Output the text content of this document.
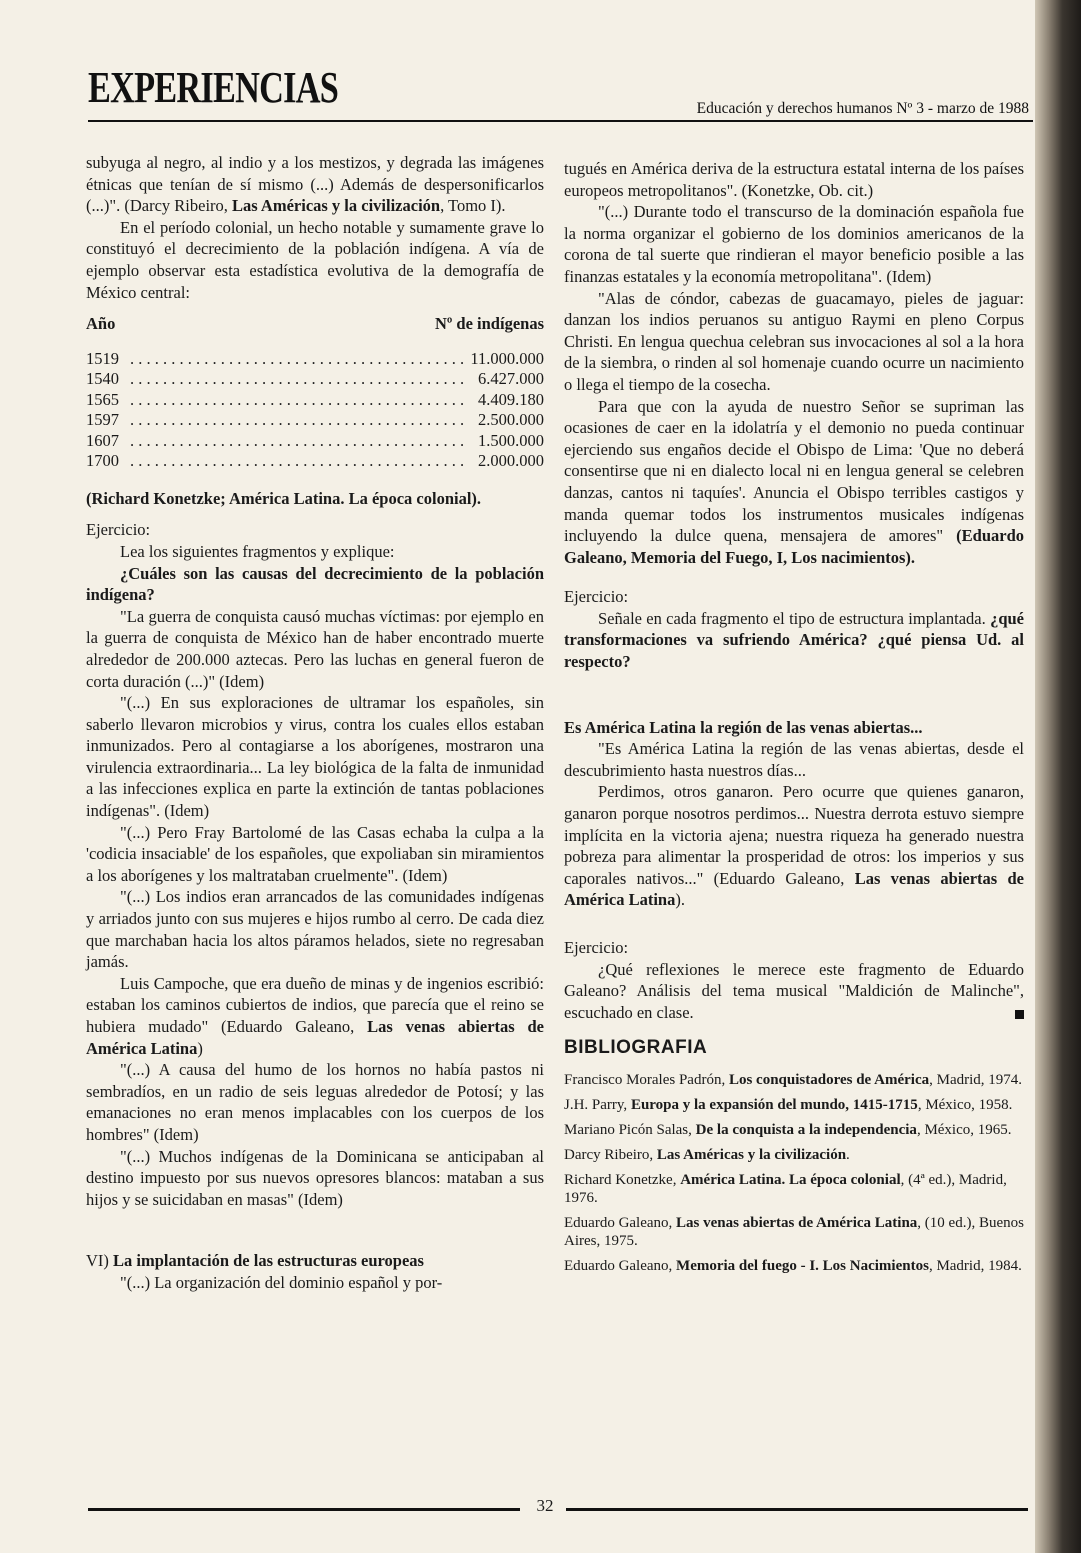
EXPERIENCIAS	Educación y derechos humanos Nº 3 - marzo de 1988

subyuga al negro, al indio y a los mestizos, y degrada las imágenes étnicas que tenían de sí mismo (...) Además de despersonificarlos (...)". (Darcy Ribeiro, Las Américas y la civilización, Tomo I).

En el período colonial, un hecho notable y sumamente grave lo constituyó el decrecimiento de la población indígena. A vía de ejemplo observar esta estadística evolutiva de la demografía de México central:

Año	Nº de indígenas
1519 . . .	11.000.000
1540 . . .	6.427.000
1565 . . .	4.409.180
1597 . . .	2.500.000
1607 . . .	1.500.000
1700 . . .	2.000.000

(Richard Konetzke; América Latina. La época colonial).

Ejercicio:

Lea los siguientes fragmentos y explique:

¿Cuáles son las causas del decrecimiento de la población indígena?

"La guerra de conquista causó muchas víctimas: por ejemplo en la guerra de conquista de México han de haber encontrado muerte alrededor de 200.000 aztecas. Pero las luchas en general fueron de corta duración (...)" (Idem)

"(...) En sus exploraciones de ultramar los españoles, sin saberlo llevaron microbios y virus, contra los cuales ellos estaban inmunizados. Pero al contagiarse a los aborígenes, mostraron una virulencia extraordinaria... La ley biológica de la falta de inmunidad a las infecciones explica en parte la extinción de tantas poblaciones indígenas". (Idem)

"(...) Pero Fray Bartolomé de las Casas echaba la culpa a la 'codicia insaciable' de los españoles, que expoliaban sin miramientos a los aborígenes y los maltrataban cruelmente". (Idem)

"(...) Los indios eran arrancados de las comunidades indígenas y arriados junto con sus mujeres e hijos rumbo al cerro. De cada diez que marchaban hacia los altos páramos helados, siete no regresaban jamás.

Luis Campoche, que era dueño de minas y de ingenios escribió: estaban los caminos cubiertos de indios, que parecía que el reino se hubiera mudado" (Eduardo Galeano, Las venas abiertas de América Latina)

"(...) A causa del humo de los hornos no había pastos ni sembradíos, en un radio de seis leguas alrededor de Potosí; y las emanaciones no eran menos implacables con los cuerpos de los hombres" (Idem)

"(...) Muchos indígenas de la Dominicana se anticipaban al destino impuesto por sus nuevos opresores blancos: mataban a sus hijos y se suicidaban en masas" (Idem)

VI) La implantación de las estructuras europeas

"(...) La organización del dominio español y por-

tugués en América deriva de la estructura estatal interna de los países europeos metropolitanos". (Konetzke, Ob. cit.)

"(...) Durante todo el transcurso de la dominación española fue la norma organizar el gobierno de los dominios americanos de la corona de tal suerte que rindieran el mayor beneficio posible a las finanzas estatales y la economía metropolitana". (Idem)

"Alas de cóndor, cabezas de guacamayo, pieles de jaguar: danzan los indios peruanos su antiguo Raymi en pleno Corpus Christi. En lengua quechua celebran sus invocaciones al sol a la hora de la siembra, o rinden al sol homenaje cuando ocurre un nacimiento o llega el tiempo de la cosecha.

Para que con la ayuda de nuestro Señor se supriman las ocasiones de caer en la idolatría y el demonio no pueda continuar ejerciendo sus engaños decide el Obispo de Lima: 'Que no deberá consentirse que ni en dialecto local ni en lengua general se celebren danzas, cantos ni taquíes'. Anuncia el Obispo terribles castigos y manda quemar todos los instrumentos musicales indígenas incluyendo la dulce quena, mensajera de amores" (Eduardo Galeano, Memoria del Fuego, I, Los nacimientos).

Ejercicio:

Señale en cada fragmento el tipo de estructura implantada. ¿qué transformaciones va sufriendo América? ¿qué piensa Ud. al respecto?

Es América Latina la región de las venas abiertas...

"Es América Latina la región de las venas abiertas, desde el descubrimiento hasta nuestros días...

Perdimos, otros ganaron. Pero ocurre que quienes ganaron, ganaron porque nosotros perdimos... Nuestra derrota estuvo siempre implícita en la victoria ajena; nuestra riqueza ha generado nuestra pobreza para alimentar la prosperidad de otros: los imperios y sus caporales nativos..." (Eduardo Galeano, Las venas abiertas de América Latina).

Ejercicio:

¿Qué reflexiones le merece este fragmento de Eduardo Galeano? Análisis del tema musical "Maldición de Malinche", escuchado en clase.

BIBLIOGRAFIA

Francisco Morales Padrón, Los conquistadores de América, Madrid, 1974.

J.H. Parry, Europa y la expansión del mundo, 1415-1715, México, 1958.

Mariano Picón Salas, De la conquista a la independencia, México, 1965.

Darcy Ribeiro, Las Américas y la civilización.

Richard Konetzke, América Latina. La época colonial, (4ª ed.), Madrid, 1976.

Eduardo Galeano, Las venas abiertas de América Latina, (10 ed.), Buenos Aires, 1975.

Eduardo Galeano, Memoria del fuego - I. Los Nacimientos, Madrid, 1984.

32
